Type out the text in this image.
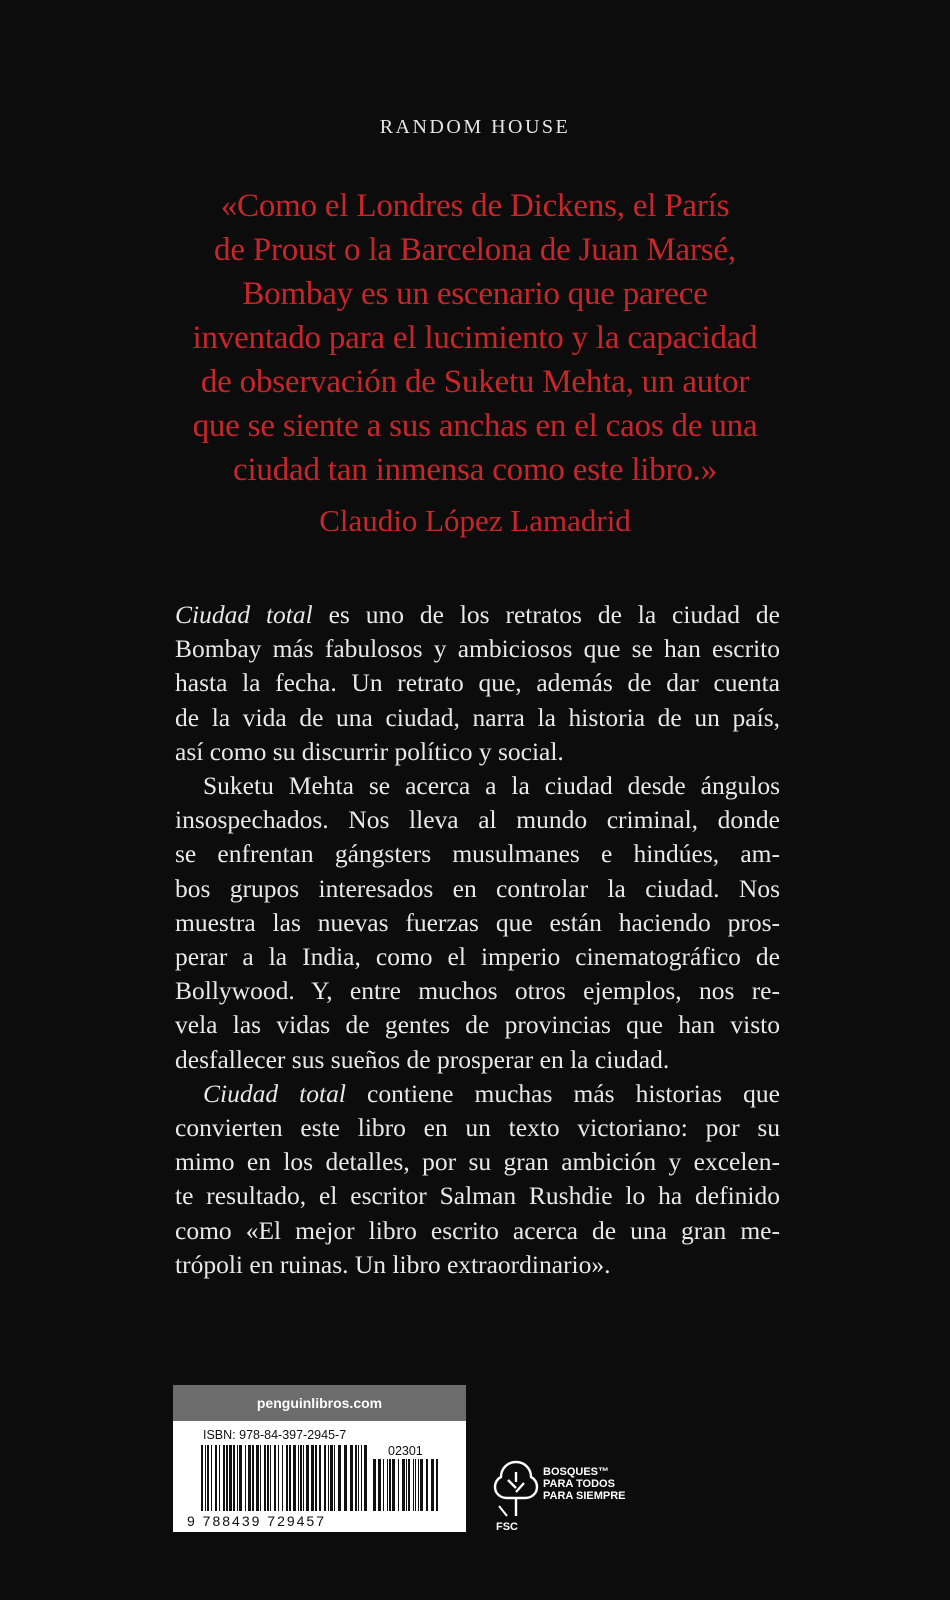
RANDOM HOUSE
«Como el Londres de Dickens, el París
de Proust o la Barcelona de Juan Marsé,
Bombay es un escenario que parece
inventado para el lucimiento y la capacidad
de observación de Suketu Mehta, un autor
que se siente a sus anchas en el caos de una
ciudad tan inmensa como este libro.»
Claudio López Lamadrid

Ciudad total es uno de los retratos de la ciudad de
Bombay más fabulosos y ambiciosos que se han escrito
hasta la fecha. Un retrato que, además de dar cuenta
de la vida de una ciudad, narra la historia de un país,
así como su discurrir político y social.

Suketu Mehta se acerca a la ciudad desde ángulos
insospechados. Nos lleva al mundo criminal, donde
se enfrentan gángsters musulmanes e hindúes, am-
bos grupos interesados en controlar la ciudad. Nos
muestra las nuevas fuerzas que están haciendo pros-
perar a la India, como el imperio cinematográfico de
Bollywood. Y, entre muchos otros ejemplos, nos re-
vela las vidas de gentes de provincias que han visto
desfallecer sus sueños de prosperar en la ciudad.

Ciudad total contiene muchas más historias que
convierten este libro en un texto victoriano: por su
mimo en los detalles, por su gran ambición y excelen-
te resultado, el escritor Salman Rushdie lo ha definido
como «El mejor libro escrito acerca de una gran me-
trópoli en ruinas. Un libro extraordinario».

penguinlibros.com
ISBN: 978-84-397-2945-7
02301
9 788439 729457
BOSQUES™
PARA TODOS
PARA SIEMPRE
FSC
